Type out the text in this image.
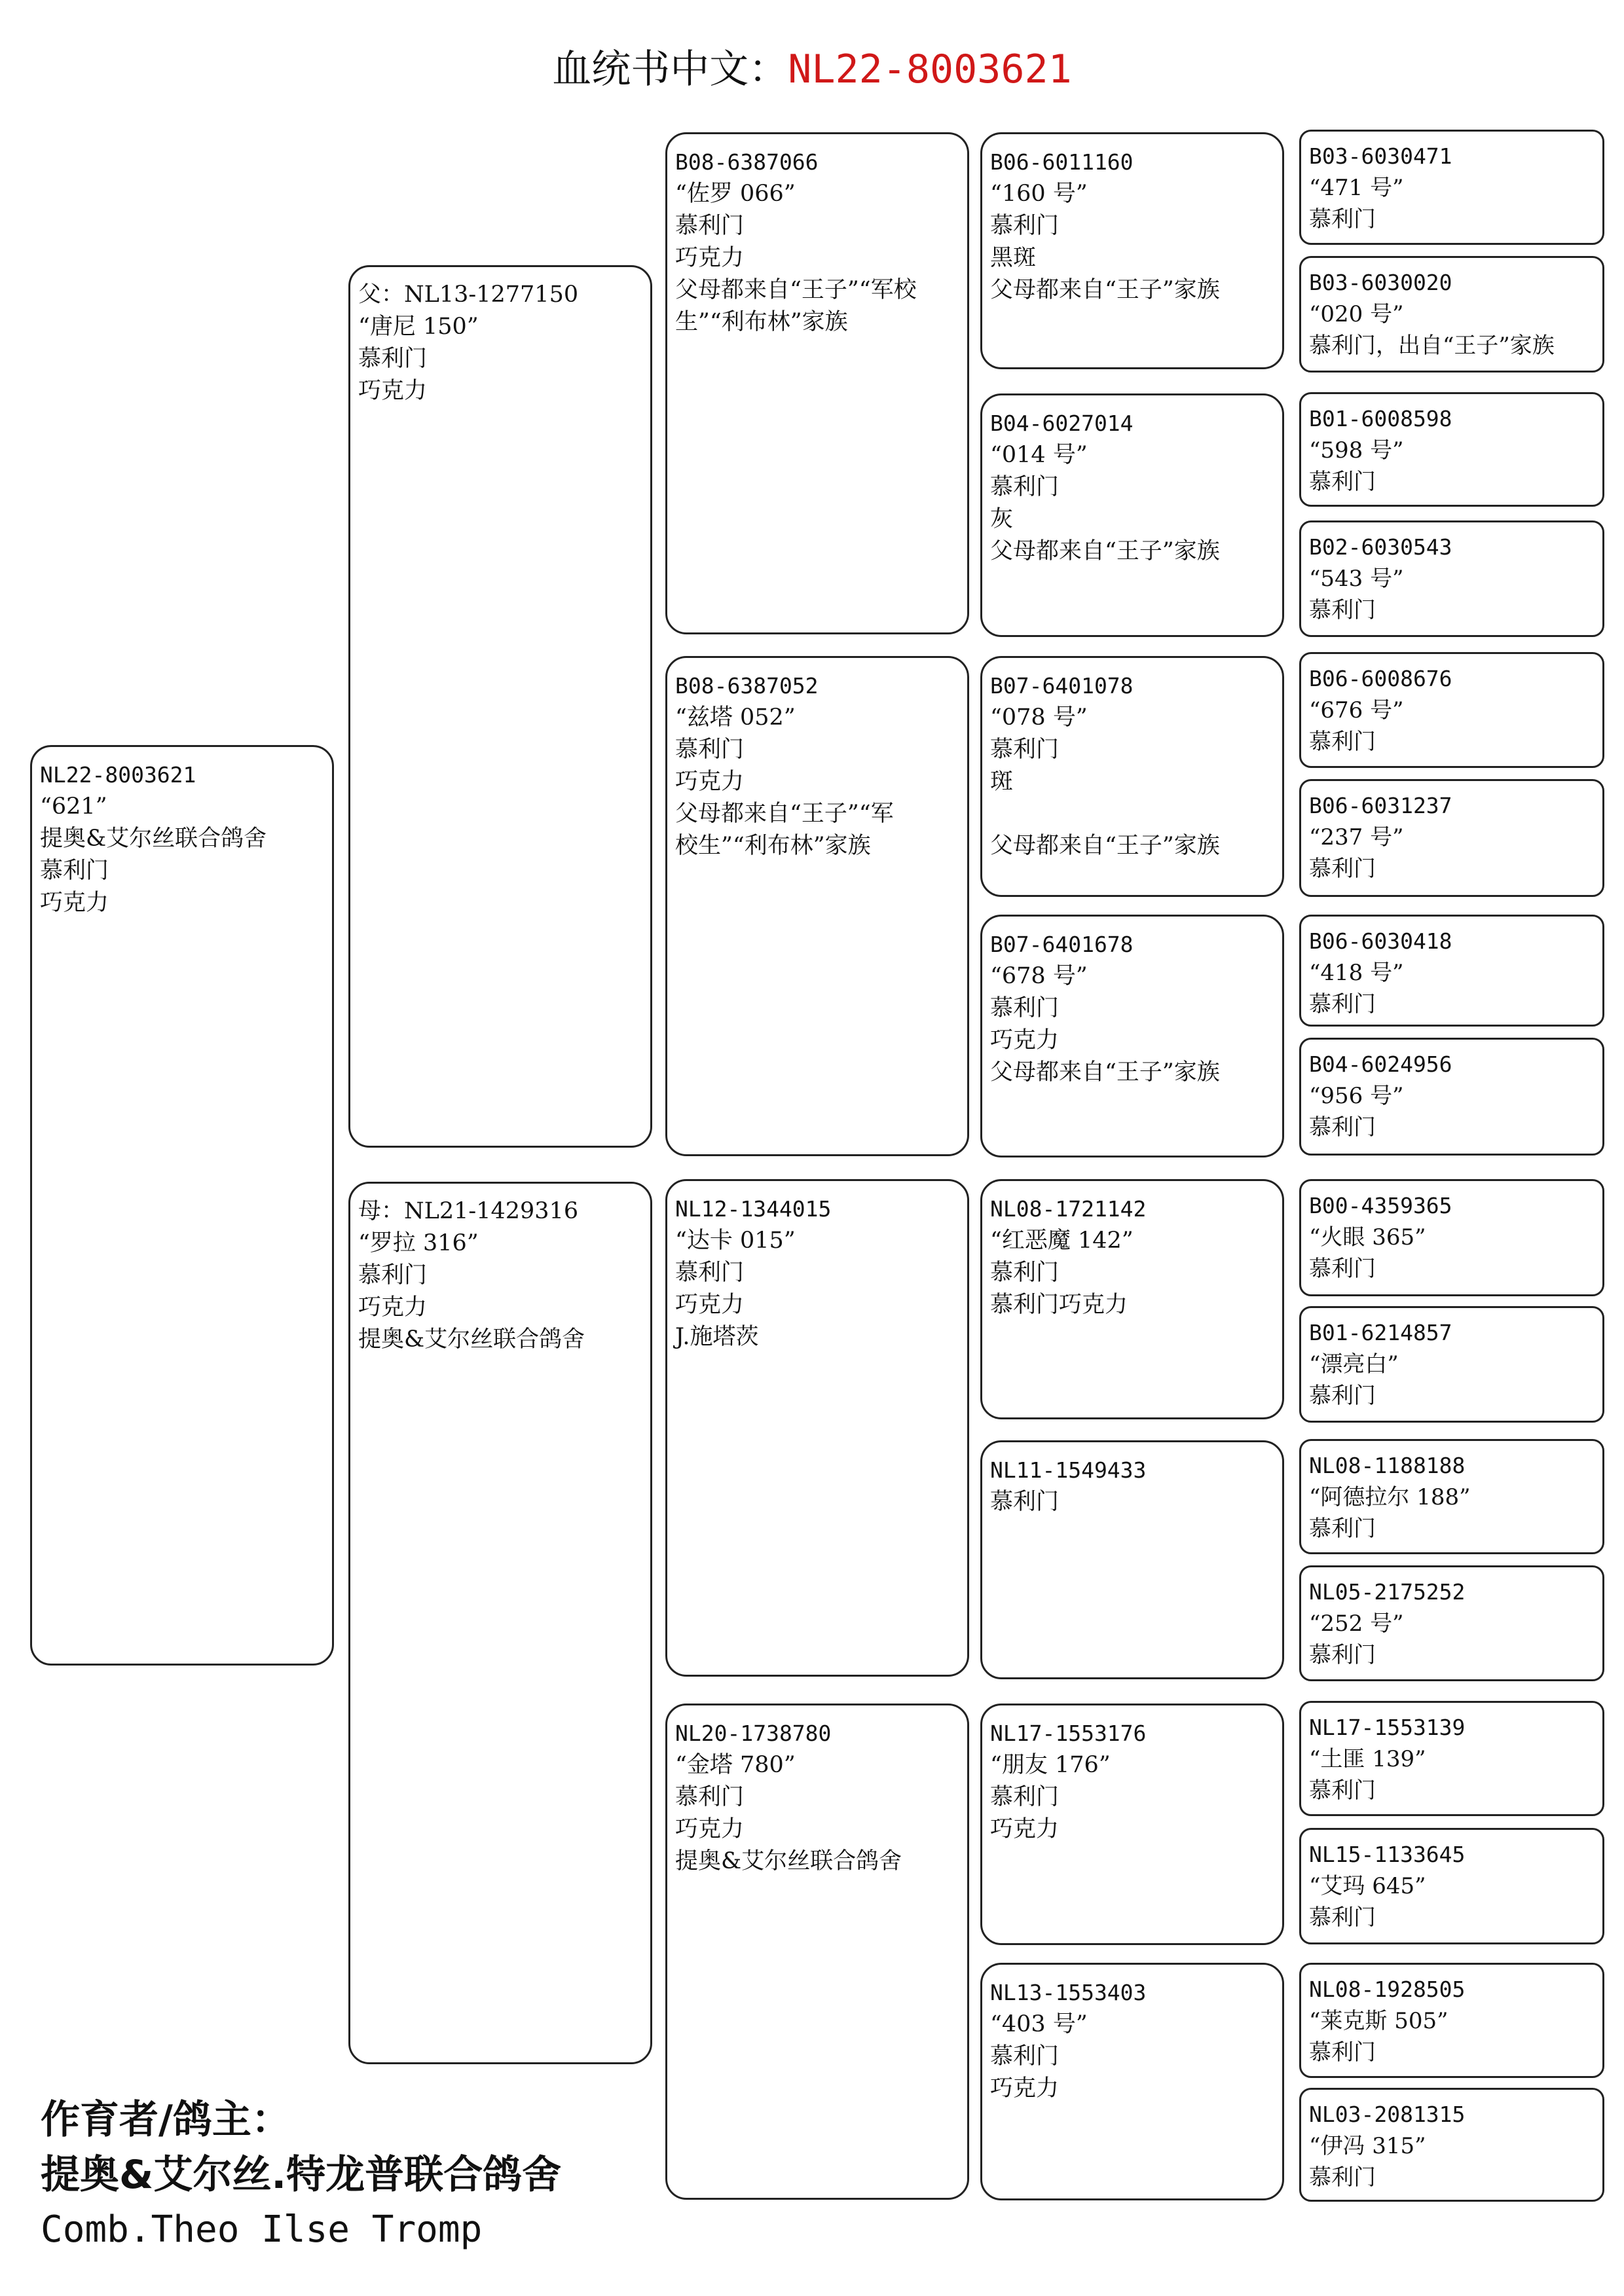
血统书中文：NL22-8003621
NL22-8003621
“621”
提奥&艾尔丝联合鸽舍
慕利门
巧克力
父：NL13-1277150
“唐尼 150”
慕利门
巧克力
母：NL21-1429316
“罗拉 316”
慕利门
巧克力
提奥&艾尔丝联合鸽舍
B08-6387066
“佐罗 066”
慕利门
巧克力
父母都来自“王子”“军校
生”“利布林”家族
B08-6387052
“兹塔 052”
慕利门
巧克力
父母都来自“王子”“军
校生”“利布林”家族
NL12-1344015
“达卡 015”
慕利门
巧克力
J.施塔茨
NL20-1738780
“金塔 780”
慕利门
巧克力
提奥&艾尔丝联合鸽舍
B06-6011160
“160 号”
慕利门
黑斑
父母都来自“王子”家族
B04-6027014
“014 号”
慕利门
灰
父母都来自“王子”家族
B07-6401078
“078 号”
慕利门
斑
父母都来自“王子”家族
B07-6401678
“678 号”
慕利门
巧克力
父母都来自“王子”家族
NL08-1721142
“红恶魔 142”
慕利门
慕利门巧克力
NL11-1549433
慕利门
NL17-1553176
“朋友 176”
慕利门
巧克力
NL13-1553403
“403 号”
慕利门
巧克力
B03-6030471
“471 号”
慕利门
B03-6030020
“020 号”
慕利门，出自“王子”家族
B01-6008598
“598 号”
慕利门
B02-6030543
“543 号”
慕利门
B06-6008676
“676 号”
慕利门
B06-6031237
“237 号”
慕利门
B06-6030418
“418 号”
慕利门
B04-6024956
“956 号”
慕利门
B00-4359365
“火眼 365”
慕利门
B01-6214857
“漂亮白”
慕利门
NL08-1188188
“阿德拉尔 188”
慕利门
NL05-2175252
“252 号”
慕利门
NL17-1553139
“土匪 139”
慕利门
NL15-1133645
“艾玛 645”
慕利门
NL08-1928505
“莱克斯 505”
慕利门
NL03-2081315
“伊冯 315”
慕利门
作育者/鸽主：
提奥&艾尔丝.特龙普联合鸽舍
Comb.Theo Ilse Tromp
